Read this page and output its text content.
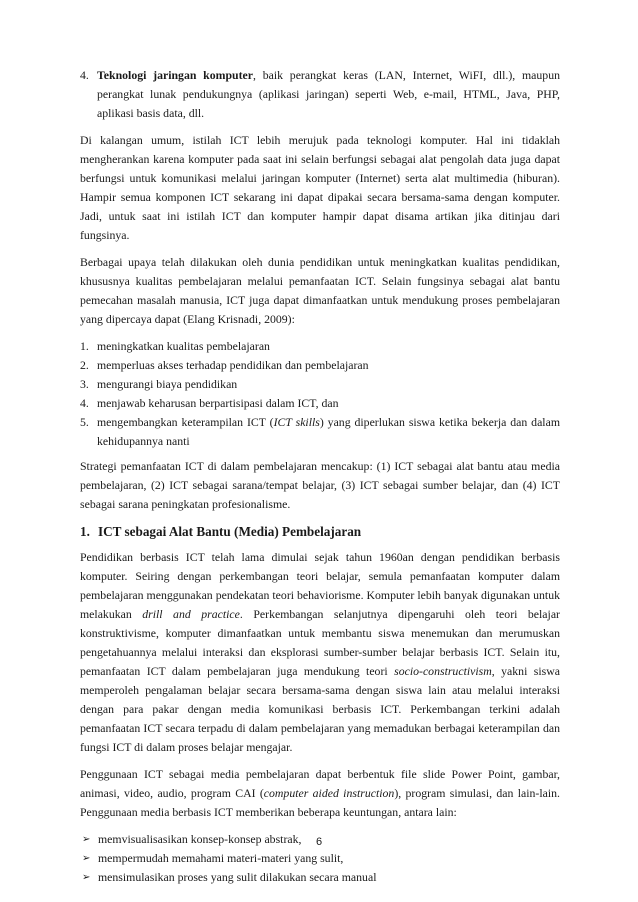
4. Teknologi jaringan komputer, baik perangkat keras (LAN, Internet, WiFI, dll.), maupun perangkat lunak pendukungnya (aplikasi jaringan) seperti Web, e-mail, HTML, Java, PHP, aplikasi basis data, dll.

Di kalangan umum, istilah ICT lebih merujuk pada teknologi komputer. Hal ini tidaklah mengherankan karena komputer pada saat ini selain berfungsi sebagai alat pengolah data juga dapat berfungsi untuk komunikasi melalui jaringan komputer (Internet) serta alat multimedia (hiburan). Hampir semua komponen ICT sekarang ini dapat dipakai secara bersama-sama dengan komputer. Jadi, untuk saat ini istilah ICT dan komputer hampir dapat disama artikan jika ditinjau dari fungsinya.

Berbagai upaya telah dilakukan oleh dunia pendidikan untuk meningkatkan kualitas pendidikan, khususnya kualitas pembelajaran melalui pemanfaatan ICT. Selain fungsinya sebagai alat bantu pemecahan masalah manusia, ICT juga dapat dimanfaatkan untuk mendukung proses pembelajaran yang dipercaya dapat (Elang Krisnadi, 2009):

1. meningkatkan kualitas pembelajaran
2. memperluas akses terhadap pendidikan dan pembelajaran
3. mengurangi biaya pendidikan
4. menjawab keharusan berpartisipasi dalam ICT, dan
5. mengembangkan keterampilan ICT (ICT skills) yang diperlukan siswa ketika bekerja dan dalam kehidupannya nanti

Strategi pemanfaatan ICT di dalam pembelajaran mencakup: (1) ICT sebagai alat bantu atau media pembelajaran, (2) ICT sebagai sarana/tempat belajar, (3) ICT sebagai sumber belajar, dan (4) ICT sebagai sarana peningkatan profesionalisme.

1. ICT sebagai Alat Bantu (Media) Pembelajaran

Pendidikan berbasis ICT telah lama dimulai sejak tahun 1960an dengan pendidikan berbasis komputer. Seiring dengan perkembangan teori belajar, semula pemanfaatan komputer dalam pembelajaran menggunakan pendekatan teori behaviorisme. Komputer lebih banyak digunakan untuk melakukan drill and practice. Perkembangan selanjutnya dipengaruhi oleh teori belajar konstruktivisme, komputer dimanfaatkan untuk membantu siswa menemukan dan merumuskan pengetahuannya melalui interaksi dan eksplorasi sumber-sumber belajar berbasis ICT. Selain itu, pemanfaatan ICT dalam pembelajaran juga mendukung teori socio-constructivism, yakni siswa memperoleh pengalaman belajar secara bersama-sama dengan siswa lain atau melalui interaksi dengan para pakar dengan media komunikasi berbasis ICT. Perkembangan terkini adalah pemanfaatan ICT secara terpadu di dalam pembelajaran yang memadukan berbagai keterampilan dan fungsi ICT di dalam proses belajar mengajar.

Penggunaan ICT sebagai media pembelajaran dapat berbentuk file slide Power Point, gambar, animasi, video, audio, program CAI (computer aided instruction), program simulasi, dan lain-lain. Penggunaan media berbasis ICT memberikan beberapa keuntungan, antara lain:

➢ memvisualisasikan konsep-konsep abstrak,
➢ mempermudah memahami materi-materi yang sulit,
➢ mensimulasikan proses yang sulit dilakukan secara manual
6
